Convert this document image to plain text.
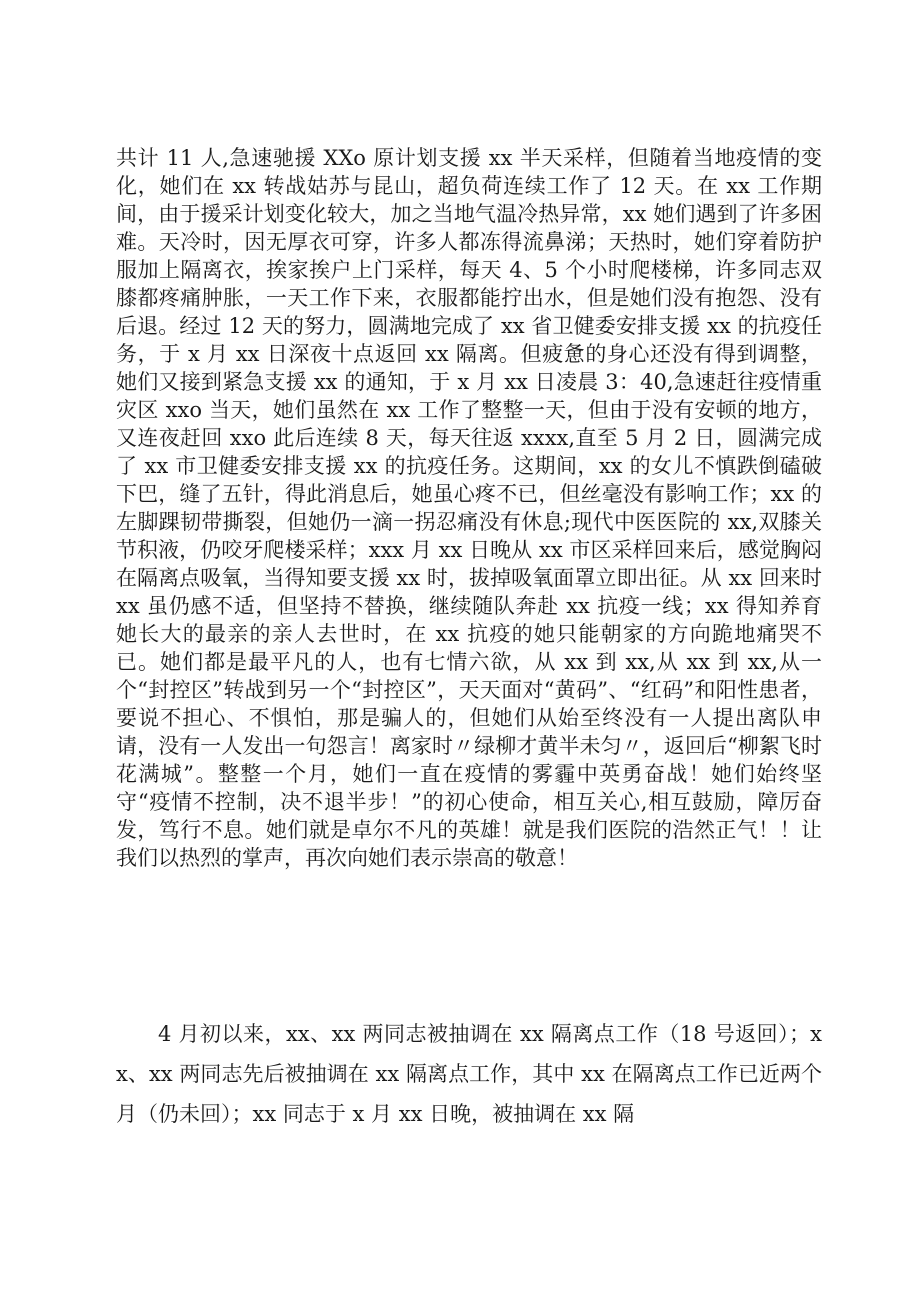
共计 11 人,急速驰援 XXo 原计划支援 xx 半天采样，但随着当地疫情的变化，她们在 xx 转战姑苏与昆山，超负荷连续工作了 12 天。在 xx 工作期间，由于援采计划变化较大，加之当地气温冷热异常，xx 她们遇到了许多困难。天冷时，因无厚衣可穿，许多人都冻得流鼻涕；天热时，她们穿着防护服加上隔离衣，挨家挨户上门采样，每天 4、5 个小时爬楼梯，许多同志双膝都疼痛肿胀，一天工作下来，衣服都能拧出水，但是她们没有抱怨、没有后退。经过 12 天的努力，圆满地完成了 xx 省卫健委安排支援 xx 的抗疫任务，于 x 月 xx 日深夜十点返回 xx 隔离。但疲惫的身心还没有得到调整，她们又接到紧急支援 xx 的通知，于 x 月 xx 日凌晨 3：40,急速赶往疫情重灾区 xxo 当天，她们虽然在 xx 工作了整整一天，但由于没有安顿的地方，又连夜赶回 xxo 此后连续 8 天，每天往返 xxxx,直至 5 月 2 日，圆满完成了 xx 市卫健委安排支援 xx 的抗疫任务。这期间，xx 的女儿不慎跌倒磕破下巴，缝了五针，得此消息后，她虽心疼不已，但丝毫没有影响工作；xx 的左脚踝韧带撕裂，但她仍一滴一拐忍痛没有休息;现代中医医院的 xx,双膝关节积液，仍咬牙爬楼采样；xxx 月 xx 日晚从 xx 市区采样回来后，感觉胸闷在隔离点吸氧，当得知要支援 xx 时，拔掉吸氧面罩立即出征。从 xx 回来时 xx 虽仍感不适，但坚持不替换，继续随队奔赴 xx 抗疫一线；xx 得知养育她长大的最亲的亲人去世时，在 xx 抗疫的她只能朝家的方向跪地痛哭不已。她们都是最平凡的人，也有七情六欲，从 xx 到 xx,从 xx 到 xx,从一个“封控区”转战到另一个“封控区”，天天面对“黄码”、“红码”和阳性患者，要说不担心、不惧怕，那是骗人的，但她们从始至终没有一人提出离队申请，没有一人发出一句怨言！离家时〃绿柳才黄半未匀〃，返回后“柳絮飞时花满城”。整整一个月，她们一直在疫情的雾霾中英勇奋战！她们始终坚守“疫情不控制，决不退半步！”的初心使命，相互关心,相互鼓励，障厉奋发，笃行不息。她们就是卓尔不凡的英雄！就是我们医院的浩然正气！！让我们以热烈的掌声，再次向她们表示崇高的敬意！

4 月初以来，xx、xx 两同志被抽调在 xx 隔离点工作（18 号返回）；xx、xx 两同志先后被抽调在 xx 隔离点工作，其中 xx 在隔离点工作已近两个月（仍未回）；xx 同志于 x 月 xx 日晚，被抽调在 xx 隔
